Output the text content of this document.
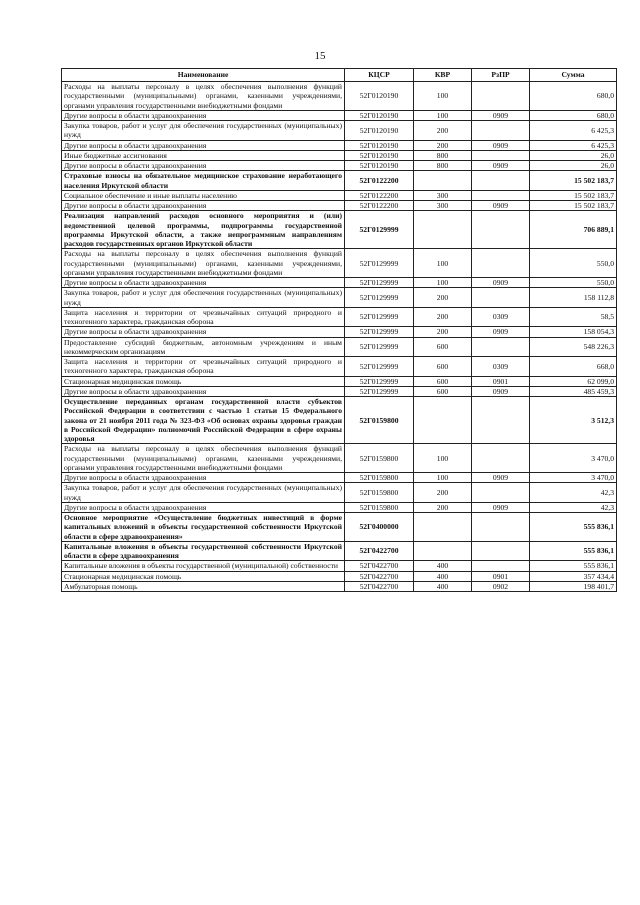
15
Наименование	КЦСР	КВР	РзПР	Сумма
Расходы на выплаты персоналу в целях обеспечения выполнения функций государственными (муниципальными) органами, казенными учреждениями, органами управления государственными внебюджетными фондами	52Г0120190	100		680,0
Другие вопросы в области здравоохранения	52Г0120190	100	0909	680,0
Закупка товаров, работ и услуг для обеспечения государственных (муниципальных) нужд	52Г0120190	200		6 425,3
Другие вопросы в области здравоохранения	52Г0120190	200	0909	6 425,3
Иные бюджетные ассигнования	52Г0120190	800		26,0
Другие вопросы в области здравоохранения	52Г0120190	800	0909	26,0
Страховые взносы на обязательное медицинское страхование неработающего населения Иркутской области	52Г0122200			15 502 183,7
Социальное обеспечение и иные выплаты населению	52Г0122200	300		15 502 183,7
Другие вопросы в области здравоохранения	52Г0122200	300	0909	15 502 183,7
Реализация направлений расходов основного мероприятия и (или) ведомственной целевой программы, подпрограммы государственной программы Иркутской области, а также непрограммным направлениям расходов государственных органов Иркутской области	52Г0129999			706 889,1
Расходы на выплаты персоналу в целях обеспечения выполнения функций государственными (муниципальными) органами, казенными учреждениями, органами управления государственными внебюджетными фондами	52Г0129999	100		550,0
Другие вопросы в области здравоохранения	52Г0129999	100	0909	550,0
Закупка товаров, работ и услуг для обеспечения государственных (муниципальных) нужд	52Г0129999	200		158 112,8
Защита населения и территории от чрезвычайных ситуаций природного и техногенного характера, гражданская оборона	52Г0129999	200	0309	58,5
Другие вопросы в области здравоохранения	52Г0129999	200	0909	158 054,3
Предоставление субсидий бюджетным, автономным учреждениям и иным некоммерческим организациям	52Г0129999	600		548 226,3
Защита населения и территории от чрезвычайных ситуаций природного и техногенного характера, гражданская оборона	52Г0129999	600	0309	668,0
Стационарная медицинская помощь	52Г0129999	600	0901	62 099,0
Другие вопросы в области здравоохранения	52Г0129999	600	0909	485 459,3
Осуществление переданных органам государственной власти субъектов Российской Федерации в соответствии с частью 1 статьи 15 Федерального закона от 21 ноября 2011 года № 323-ФЗ «Об основах охраны здоровья граждан в Российской Федерации» полномочий Российской Федерации в сфере охраны здоровья	52Г0159800			3 512,3
Расходы на выплаты персоналу в целях обеспечения выполнения функций государственными (муниципальными) органами, казенными учреждениями, органами управления государственными внебюджетными фондами	52Г0159800	100		3 470,0
Другие вопросы в области здравоохранения	52Г0159800	100	0909	3 470,0
Закупка товаров, работ и услуг для обеспечения государственных (муниципальных) нужд	52Г0159800	200		42,3
Другие вопросы в области здравоохранения	52Г0159800	200	0909	42,3
Основное мероприятие «Осуществление бюджетных инвестиций в форме капитальных вложений в объекты государственной собственности Иркутской области в сфере здравоохранения»	52Г0400000			555 836,1
Капитальные вложения в объекты государственной собственности Иркутской области в сфере здравоохранения	52Г0422700			555 836,1
Капитальные вложения в объекты государственной (муниципальной) собственности	52Г0422700	400		555 836,1
Стационарная медицинская помощь	52Г0422700	400	0901	357 434,4
Амбулаторная помощь	52Г0422700	400	0902	198 401,7
